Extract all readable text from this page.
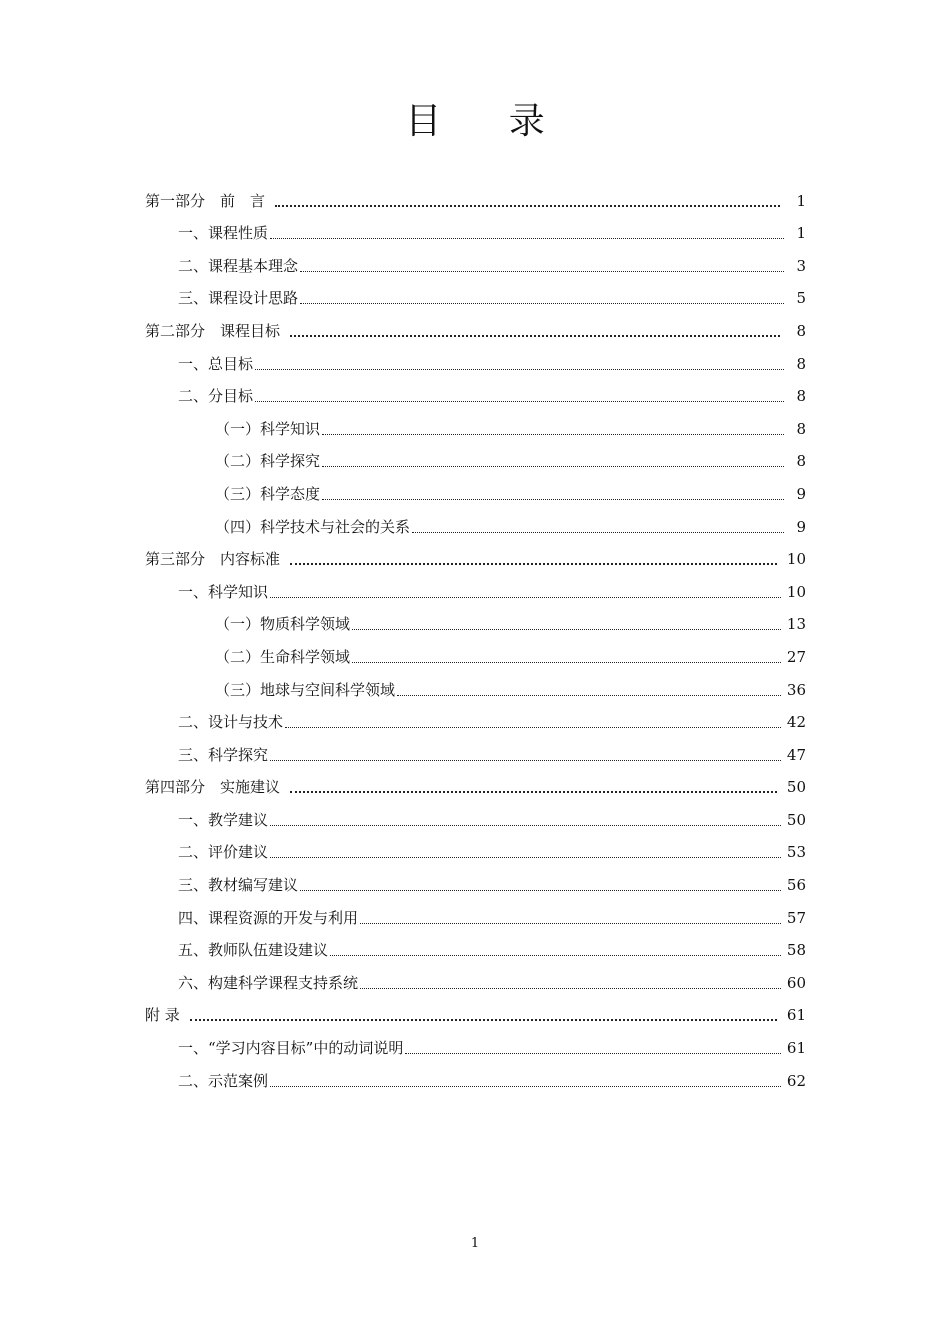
目 录
第一部分　前　言	1
一、课程性质	1
二、课程基本理念	3
三、课程设计思路	5
第二部分　课程目标	8
一、总目标	8
二、分目标	8
（一）科学知识	8
（二）科学探究	8
（三）科学态度	9
（四）科学技术与社会的关系	9
第三部分　内容标准	10
一、科学知识	10
（一）物质科学领域	13
（二）生命科学领域	27
（三）地球与空间科学领域	36
二、设计与技术	42
三、科学探究	47
第四部分　实施建议	50
一、教学建议	50
二、评价建议	53
三、教材编写建议	56
四、课程资源的开发与利用	57
五、教师队伍建设建议	58
六、构建科学课程支持系统	60
附 录	61
一、“学习内容目标”中的动词说明	61
二、示范案例	62
1
